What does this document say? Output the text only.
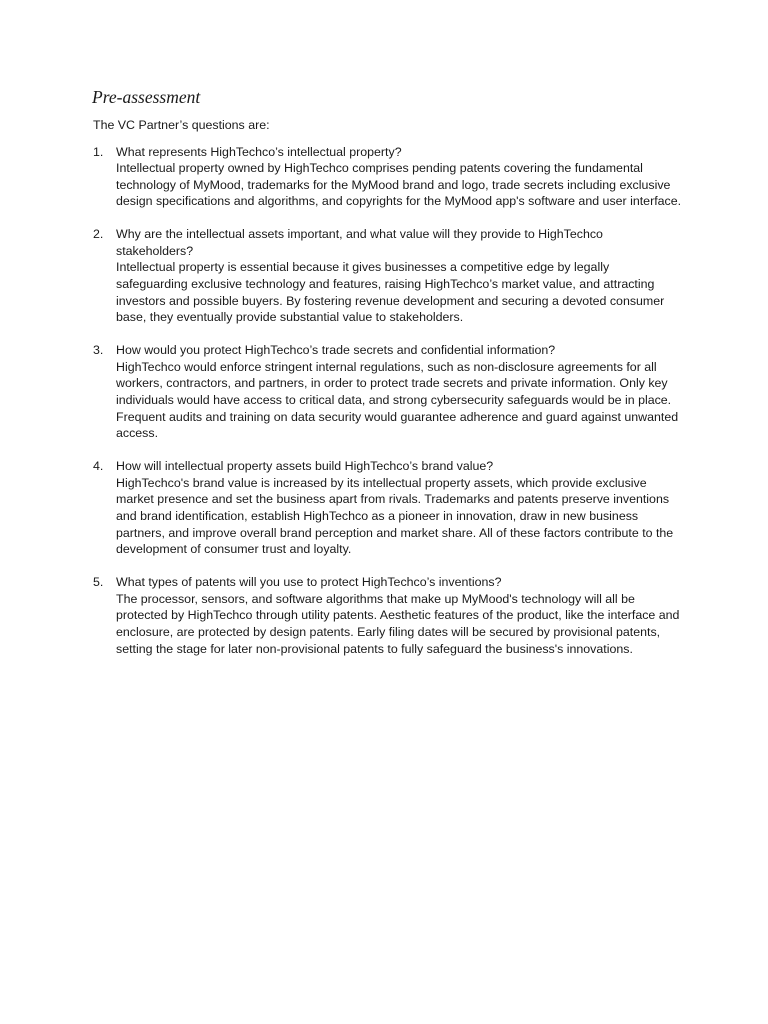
Pre-assessment

The VC Partner’s questions are:

1. What represents HighTechco’s intellectual property?
Intellectual property owned by HighTechco comprises pending patents covering the fundamental technology of MyMood, trademarks for the MyMood brand and logo, trade secrets including exclusive design specifications and algorithms, and copyrights for the MyMood app's software and user interface.
2. Why are the intellectual assets important, and what value will they provide to HighTechco stakeholders?
Intellectual property is essential because it gives businesses a competitive edge by legally safeguarding exclusive technology and features, raising HighTechco’s market value, and attracting investors and possible buyers. By fostering revenue development and securing a devoted consumer base, they eventually provide substantial value to stakeholders.
3. How would you protect HighTechco’s trade secrets and confidential information?
HighTechco would enforce stringent internal regulations, such as non-disclosure agreements for all workers, contractors, and partners, in order to protect trade secrets and private information. Only key individuals would have access to critical data, and strong cybersecurity safeguards would be in place. Frequent audits and training on data security would guarantee adherence and guard against unwanted access.
4. How will intellectual property assets build HighTechco’s brand value?
HighTechco's brand value is increased by its intellectual property assets, which provide exclusive market presence and set the business apart from rivals. Trademarks and patents preserve inventions and brand identification, establish HighTechco as a pioneer in innovation, draw in new business partners, and improve overall brand perception and market share. All of these factors contribute to the development of consumer trust and loyalty.
5. What types of patents will you use to protect HighTechco’s inventions?
The processor, sensors, and software algorithms that make up MyMood's technology will all be protected by HighTechco through utility patents. Aesthetic features of the product, like the interface and enclosure, are protected by design patents. Early filing dates will be secured by provisional patents, setting the stage for later non-provisional patents to fully safeguard the business's innovations.
